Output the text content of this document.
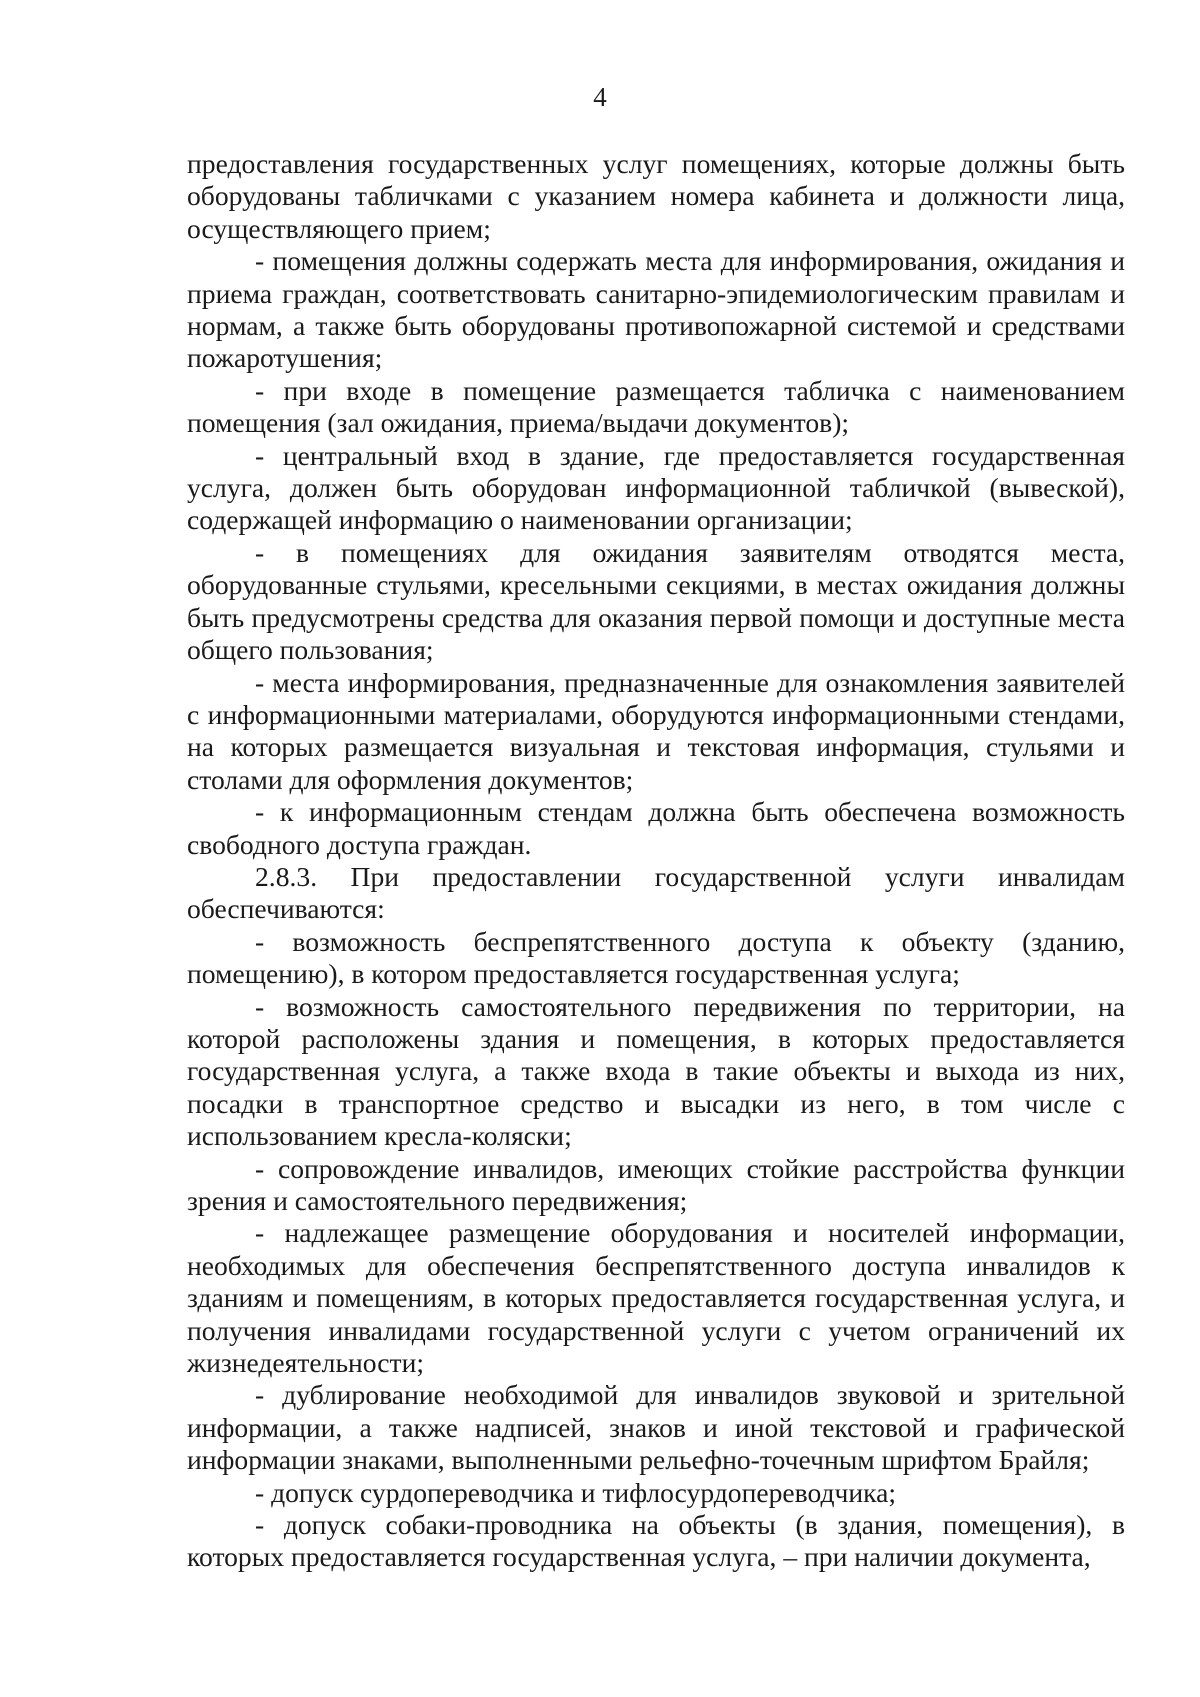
4

предоставления государственных услуг помещениях, которые должны быть оборудованы табличками с указанием номера кабинета и должности лица, осуществляющего прием;

- помещения должны содержать места для информирования, ожидания и приема граждан, соответствовать санитарно-эпидемиологическим правилам и нормам, а также быть оборудованы противопожарной системой и средствами пожаротушения;

- при входе в помещение размещается табличка с наименованием помещения (зал ожидания, приема/выдачи документов);

- центральный вход в здание, где предоставляется государственная услуга, должен быть оборудован информационной табличкой (вывеской), содержащей информацию о наименовании организации;

- в помещениях для ожидания заявителям отводятся места, оборудованные стульями, кресельными секциями, в местах ожидания должны быть предусмотрены средства для оказания первой помощи и доступные места общего пользования;

- места информирования, предназначенные для ознакомления заявителей с информационными материалами, оборудуются информационными стендами, на которых размещается визуальная и текстовая информация, стульями и столами для оформления документов;

- к информационным стендам должна быть обеспечена возможность свободного доступа граждан.

2.8.3. При предоставлении государственной услуги инвалидам обеспечиваются:

- возможность беспрепятственного доступа к объекту (зданию, помещению), в котором предоставляется государственная услуга;

- возможность самостоятельного передвижения по территории, на которой расположены здания и помещения, в которых предоставляется государственная услуга, а также входа в такие объекты и выхода из них, посадки в транспортное средство и высадки из него, в том числе с использованием кресла-коляски;

- сопровождение инвалидов, имеющих стойкие расстройства функции зрения и самостоятельного передвижения;

- надлежащее размещение оборудования и носителей информации, необходимых для обеспечения беспрепятственного доступа инвалидов к зданиям и помещениям, в которых предоставляется государственная услуга, и получения инвалидами государственной услуги с учетом ограничений их жизнедеятельности;

- дублирование необходимой для инвалидов звуковой и зрительной информации, а также надписей, знаков и иной текстовой и графической информации знаками, выполненными рельефно-точечным шрифтом Брайля;

- допуск сурдопереводчика и тифлосурдопереводчика;

- допуск собаки-проводника на объекты (в здания, помещения), в которых предоставляется государственная услуга, – при наличии документа,
